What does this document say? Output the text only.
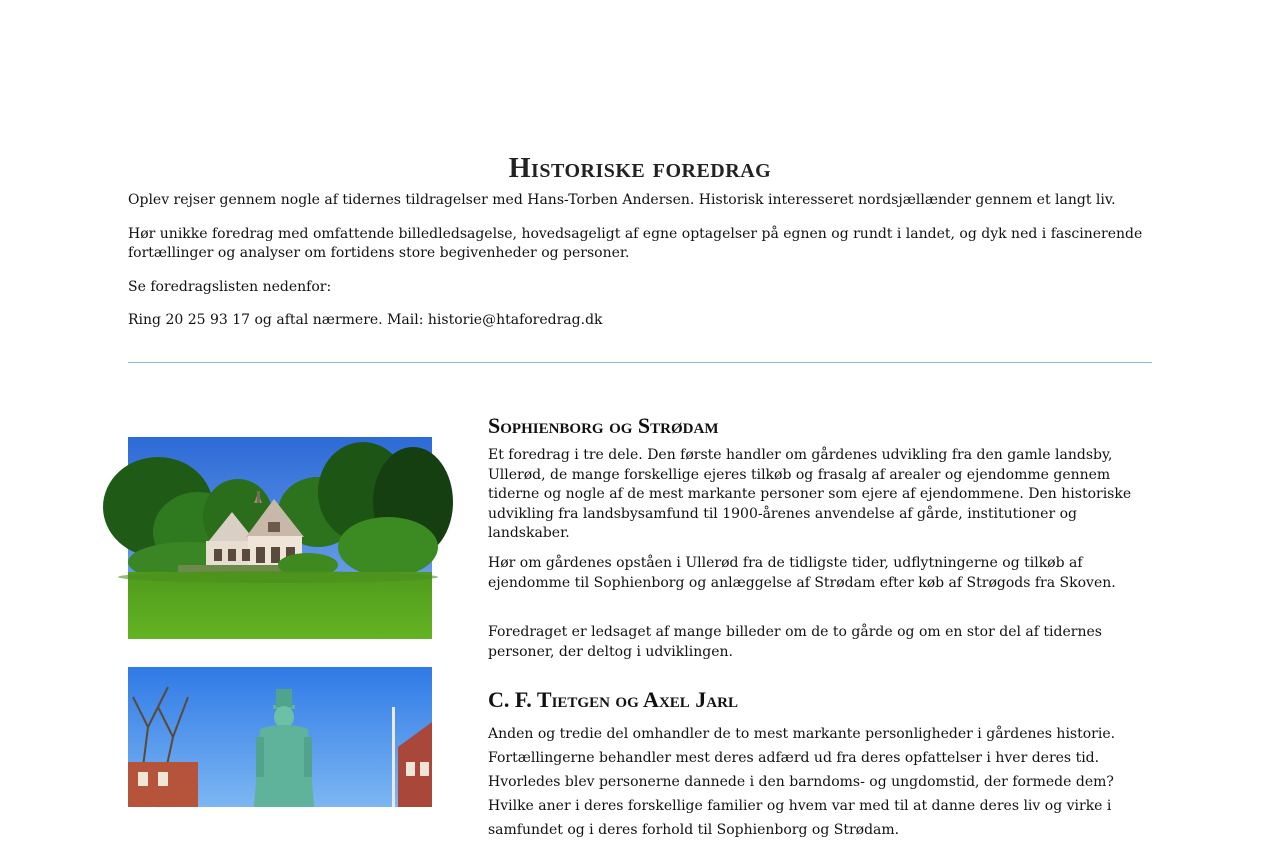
Historiske foredrag

Oplev rejser gennem nogle af tidernes tildragelser med Hans-Torben Andersen. Historisk interesseret nordsjællænder gennem et langt liv.

Hør unikke foredrag med omfattende billedledsagelse, hovedsageligt af egne optagelser på egnen og rundt i landet, og dyk ned i fascinerende fortællinger og analyser om fortidens store begivenheder og personer.

Se foredragslisten nedenfor:

Ring 20 25 93 17 og aftal nærmere. Mail: historie@htaforedrag.dk

Sophienborg og Strødam

Et foredrag i tre dele. Den første handler om gårdenes udvikling fra den gamle landsby, Ullerød, de mange forskellige ejeres tilkøb og frasalg af arealer og ejendomme gennem tiderne og nogle af de mest markante personer som ejere af ejendommene. Den historiske udvikling fra landsbysamfund til 1900-årenes anvendelse af gårde, institutioner og landskaber.

Hør om gårdenes opståen i Ullerød fra de tidligste tider, udflytningerne og tilkøb af ejendomme til Sophienborg og anlæggelse af Strødam efter køb af Strøgods fra Skoven.

Foredraget er ledsaget af mange billeder om de to gårde og om en stor del af tidernes personer, der deltog i udviklingen.

C. F. Tietgen og Axel Jarl

Anden og tredie del omhandler de to mest markante personligheder i gårdenes historie. Fortællingerne behandler mest deres adfærd ud fra deres opfattelser i hver deres tid. Hvorledes blev personerne dannede i den barndoms- og ungdomstid, der formede dem? Hvilke aner i deres forskellige familier og hvem var med til at danne deres liv og virke i samfundet og i deres forhold til Sophienborg og Strødam.
